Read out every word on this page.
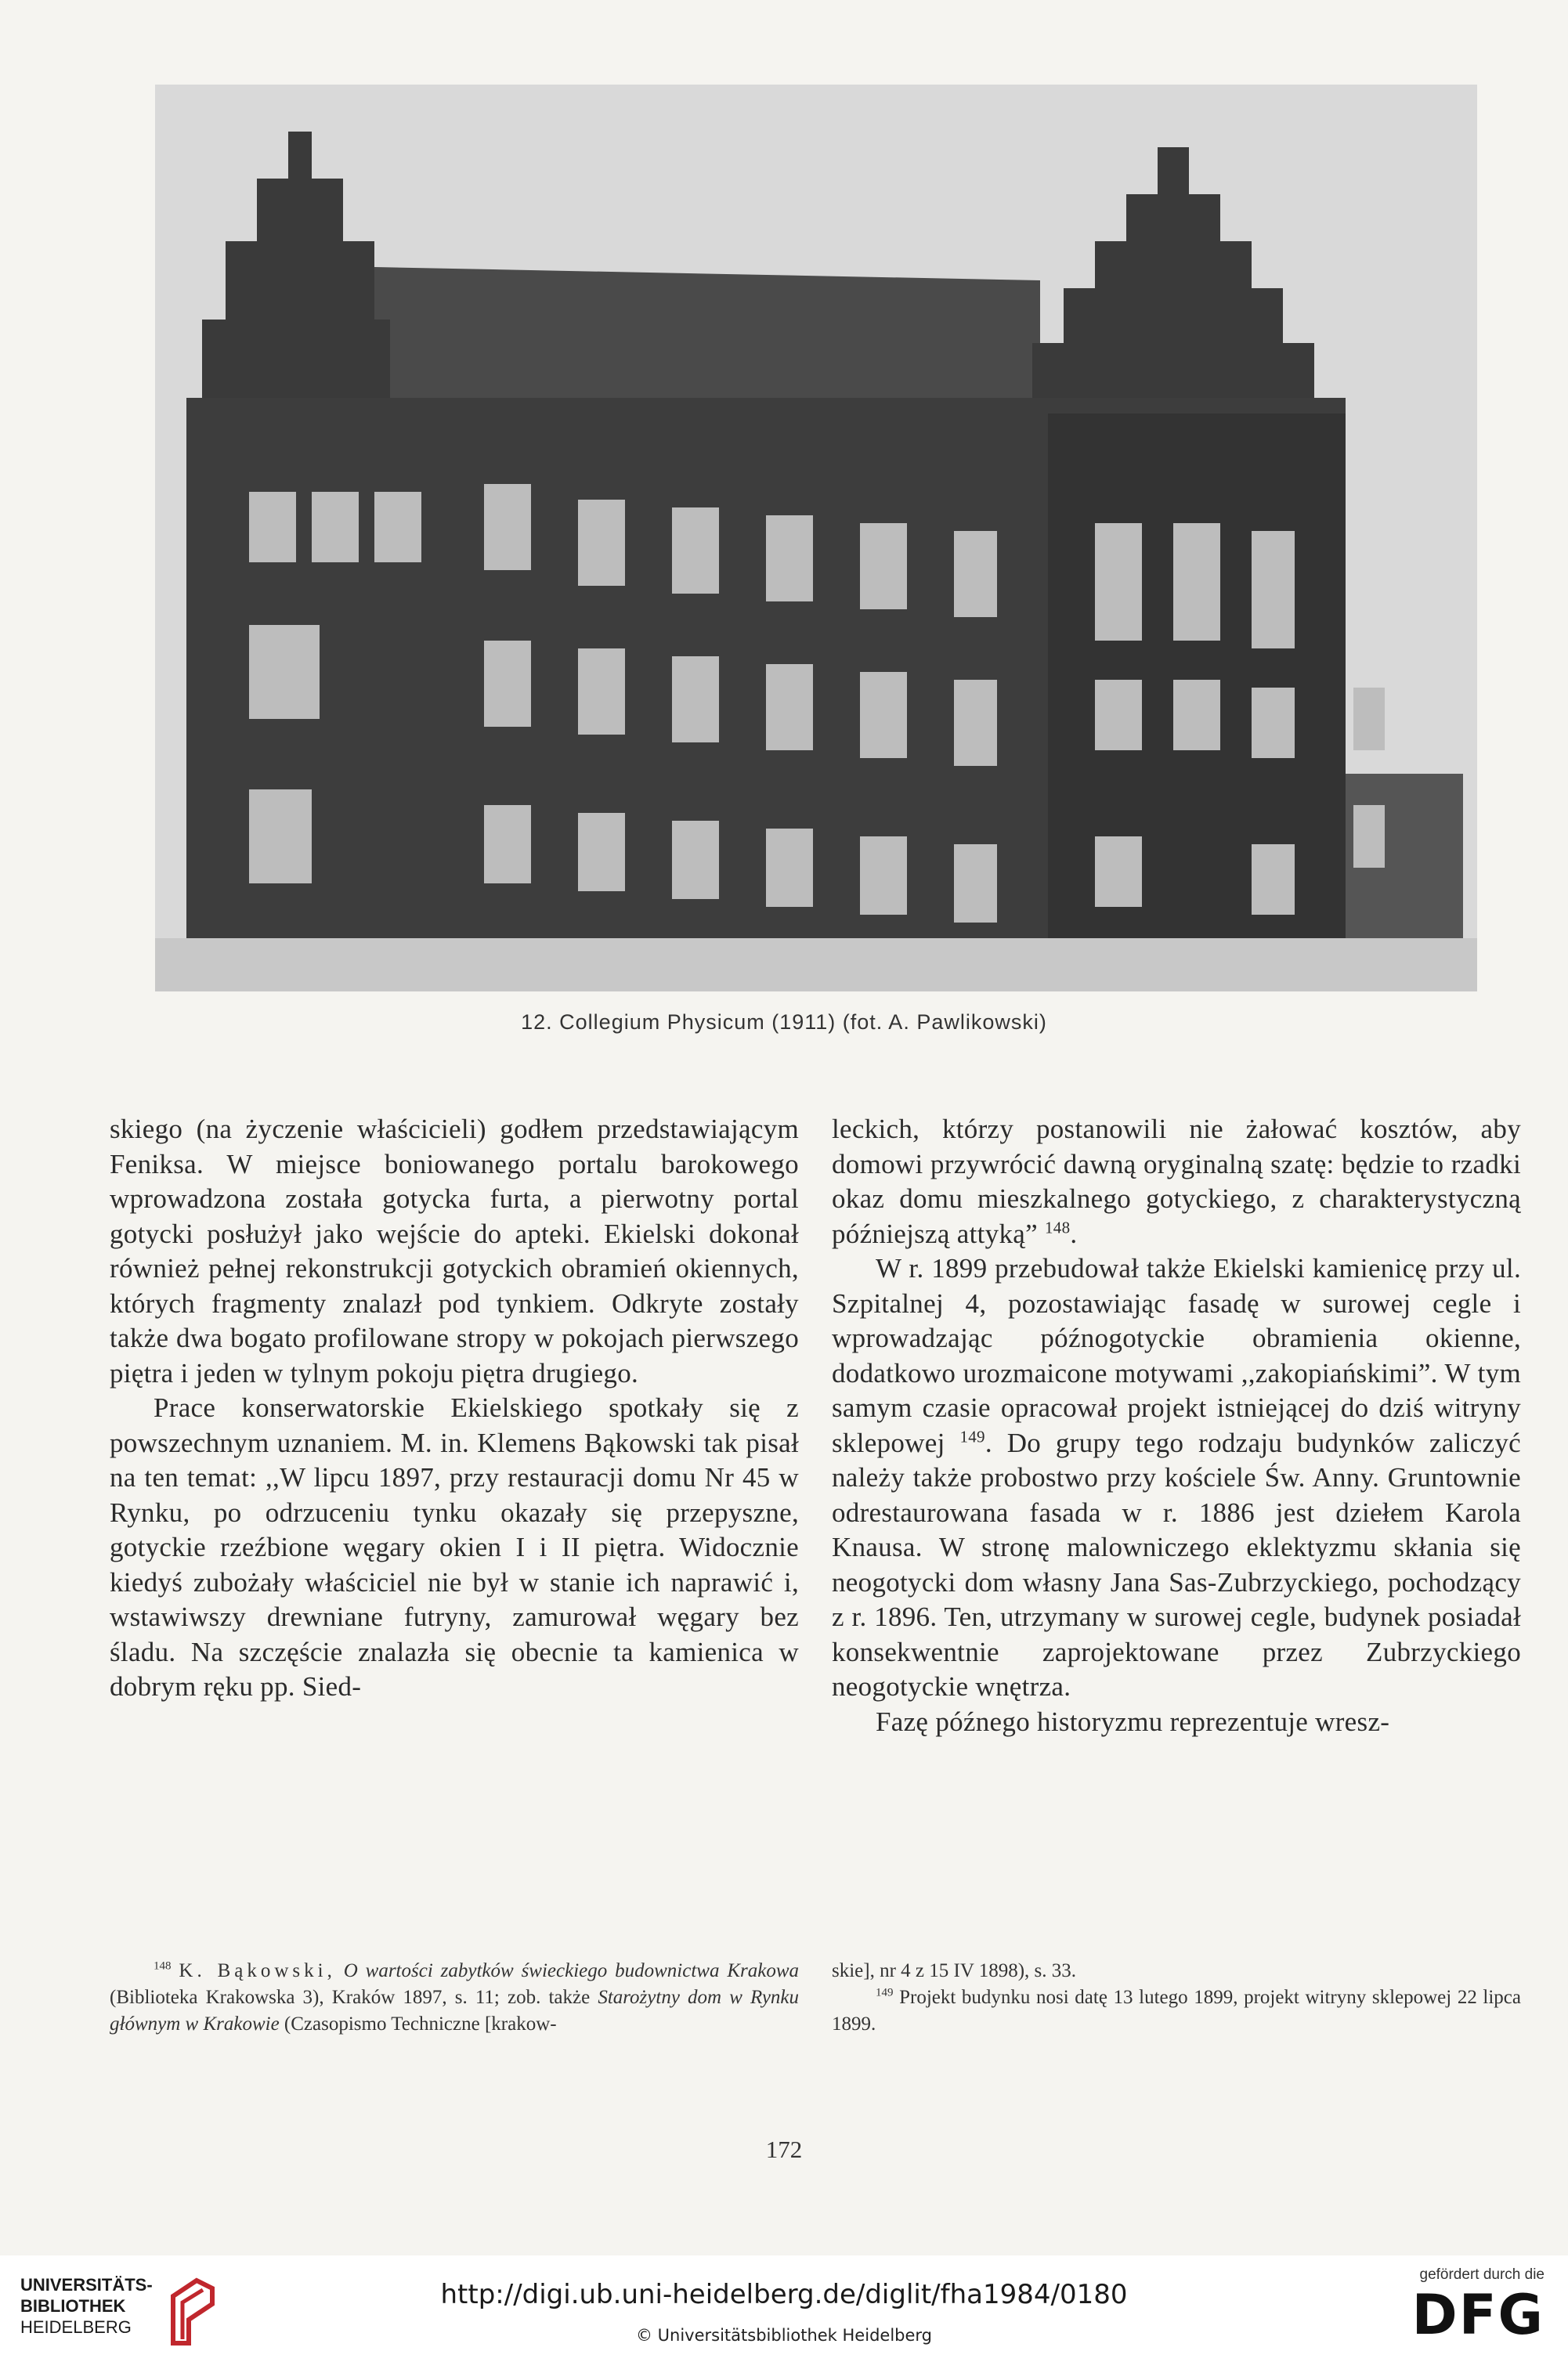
12. Collegium Physicum (1911) (fot. A. Pawlikowski)

skiego (na życzenie właścicieli) godłem przedstawiającym Feniksa. W miejsce boniowanego portalu barokowego wprowadzona została gotycka furta, a pierwotny portal gotycki posłużył jako wejście do apteki. Ekielski dokonał również pełnej rekonstrukcji gotyckich obramień okiennych, których fragmenty znalazł pod tynkiem. Odkryte zostały także dwa bogato profilowane stropy w pokojach pierwszego piętra i jeden w tylnym pokoju piętra drugiego.

Prace konserwatorskie Ekielskiego spotkały się z powszechnym uznaniem. M. in. Klemens Bąkowski tak pisał na ten temat: ,,W lipcu 1897, przy restauracji domu Nr 45 w Rynku, po odrzuceniu tynku okazały się przepyszne, gotyckie rzeźbione węgary okien I i II piętra. Widocznie kiedyś zubożały właściciel nie był w stanie ich naprawić i, wstawiwszy drewniane futryny, zamurował węgary bez śladu. Na szczęście znalazła się obecnie ta kamienica w dobrym ręku pp. Sied-

leckich, którzy postanowili nie żałować kosztów, aby domowi przywrócić dawną oryginalną szatę: będzie to rzadki okaz domu mieszkalnego gotyckiego, z charakterystyczną późniejszą attyką” $^{148}$.

W r. 1899 przebudował także Ekielski kamienicę przy ul. Szpitalnej 4, pozostawiając fasadę w surowej cegle i wprowadzając późnogotyckie obramienia okienne, dodatkowo urozmaicone motywami ,,zakopiańskimi”. W tym samym czasie opracował projekt istniejącej do dziś witryny sklepowej $^{149}$. Do grupy tego rodzaju budynków zaliczyć należy także probostwo przy kościele Św. Anny. Gruntownie odrestaurowana fasada w r. 1886 jest dziełem Karola Knausa. W stronę malowniczego eklektyzmu skłania się neogotycki dom własny Jana Sas-Zubrzyckiego, pochodzący z r. 1896. Ten, utrzymany w surowej cegle, budynek posiadał konsekwentnie zaprojektowane przez Zubrzyckiego neogotyckie wnętrza.

Fazę późnego historyzmu reprezentuje wresz-

$^{148}$ K. Bąkowski, O wartości zabytków świeckiego budownictwa Krakowa (Biblioteka Krakowska 3), Kraków 1897, s. 11; zob. także Starożytny dom w Rynku głównym w Krakowie (Czasopismo Techniczne [krakow-

skie], nr 4 z 15 IV 1898), s. 33.

$^{149}$ Projekt budynku nosi datę 13 lutego 1899, projekt witryny sklepowej 22 lipca 1899.

172
UNIVERSITÄTS-
BIBLIOTHEK
HEIDELBERG
http://digi.ub.uni-heidelberg.de/diglit/fha1984/0180
© Universitätsbibliothek Heidelberg
gefördert durch die
DFG
